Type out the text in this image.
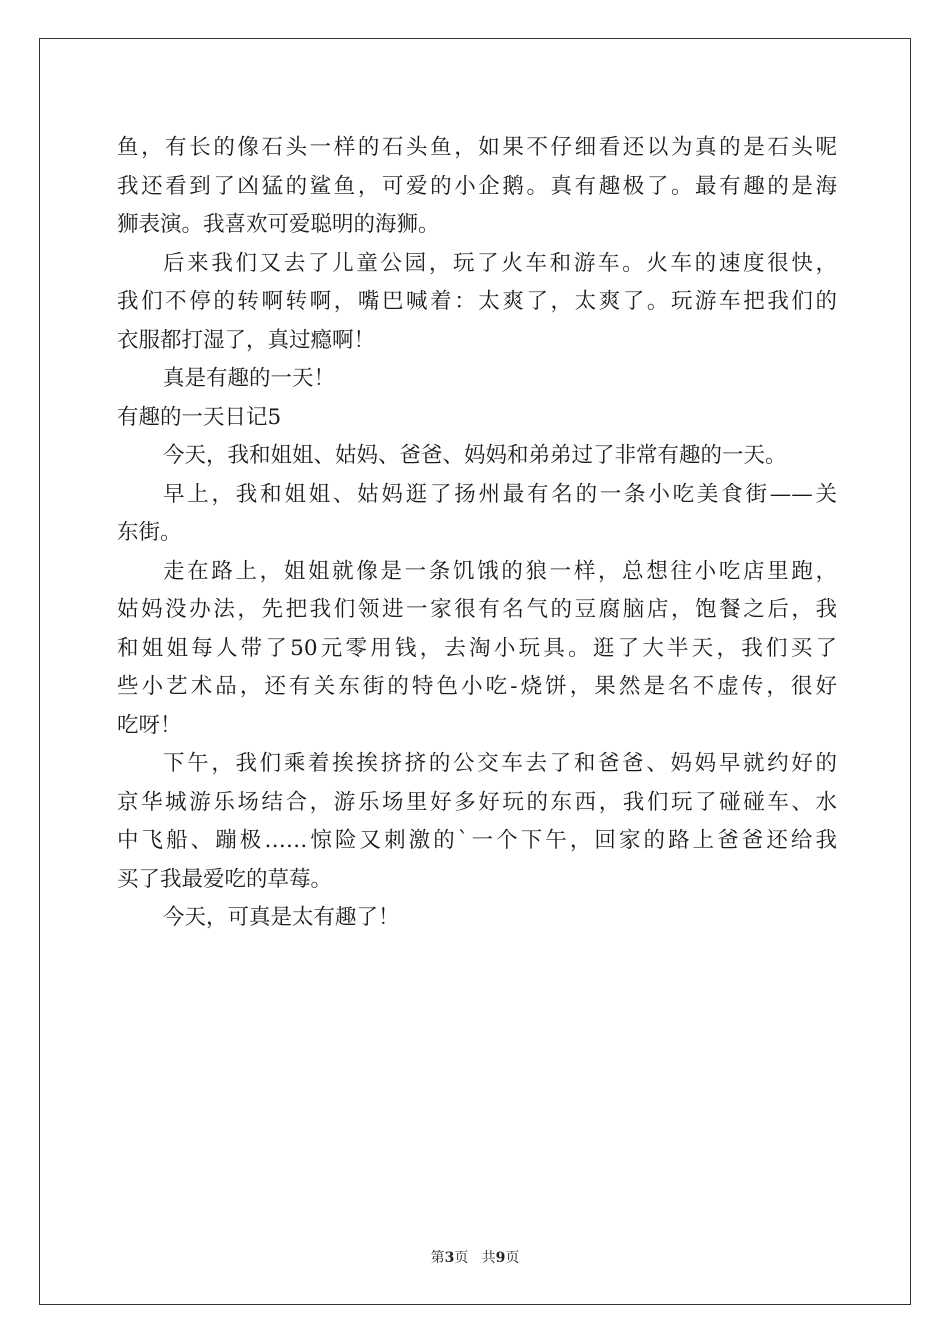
鱼，有长的像石头一样的石头鱼，如果不仔细看还以为真的是石头呢
我还看到了凶猛的鲨鱼，可爱的小企鹅。真有趣极了。最有趣的是海
狮表演。我喜欢可爱聪明的海狮。
后来我们又去了儿童公园，玩了火车和游车。火车的速度很快，
我们不停的转啊转啊，嘴巴喊着：太爽了，太爽了。玩游车把我们的
衣服都打湿了，真过瘾啊！
真是有趣的一天！
有趣的一天日记5
今天，我和姐姐、姑妈、爸爸、妈妈和弟弟过了非常有趣的一天。
早上，我和姐姐、姑妈逛了扬州最有名的一条小吃美食街——关
东街。
走在路上，姐姐就像是一条饥饿的狼一样，总想往小吃店里跑，
姑妈没办法，先把我们领进一家很有名气的豆腐脑店，饱餐之后，我
和姐姐每人带了50元零用钱，去淘小玩具。逛了大半天，我们买了
些小艺术品，还有关东街的特色小吃-烧饼，果然是名不虚传，很好
吃呀！
下午，我们乘着挨挨挤挤的公交车去了和爸爸、妈妈早就约好的
京华城游乐场结合，游乐场里好多好玩的东西，我们玩了碰碰车、水
中飞船、蹦极……惊险又刺激的`一个下午，回家的路上爸爸还给我
买了我最爱吃的草莓。
今天，可真是太有趣了！
第3页 共9页
